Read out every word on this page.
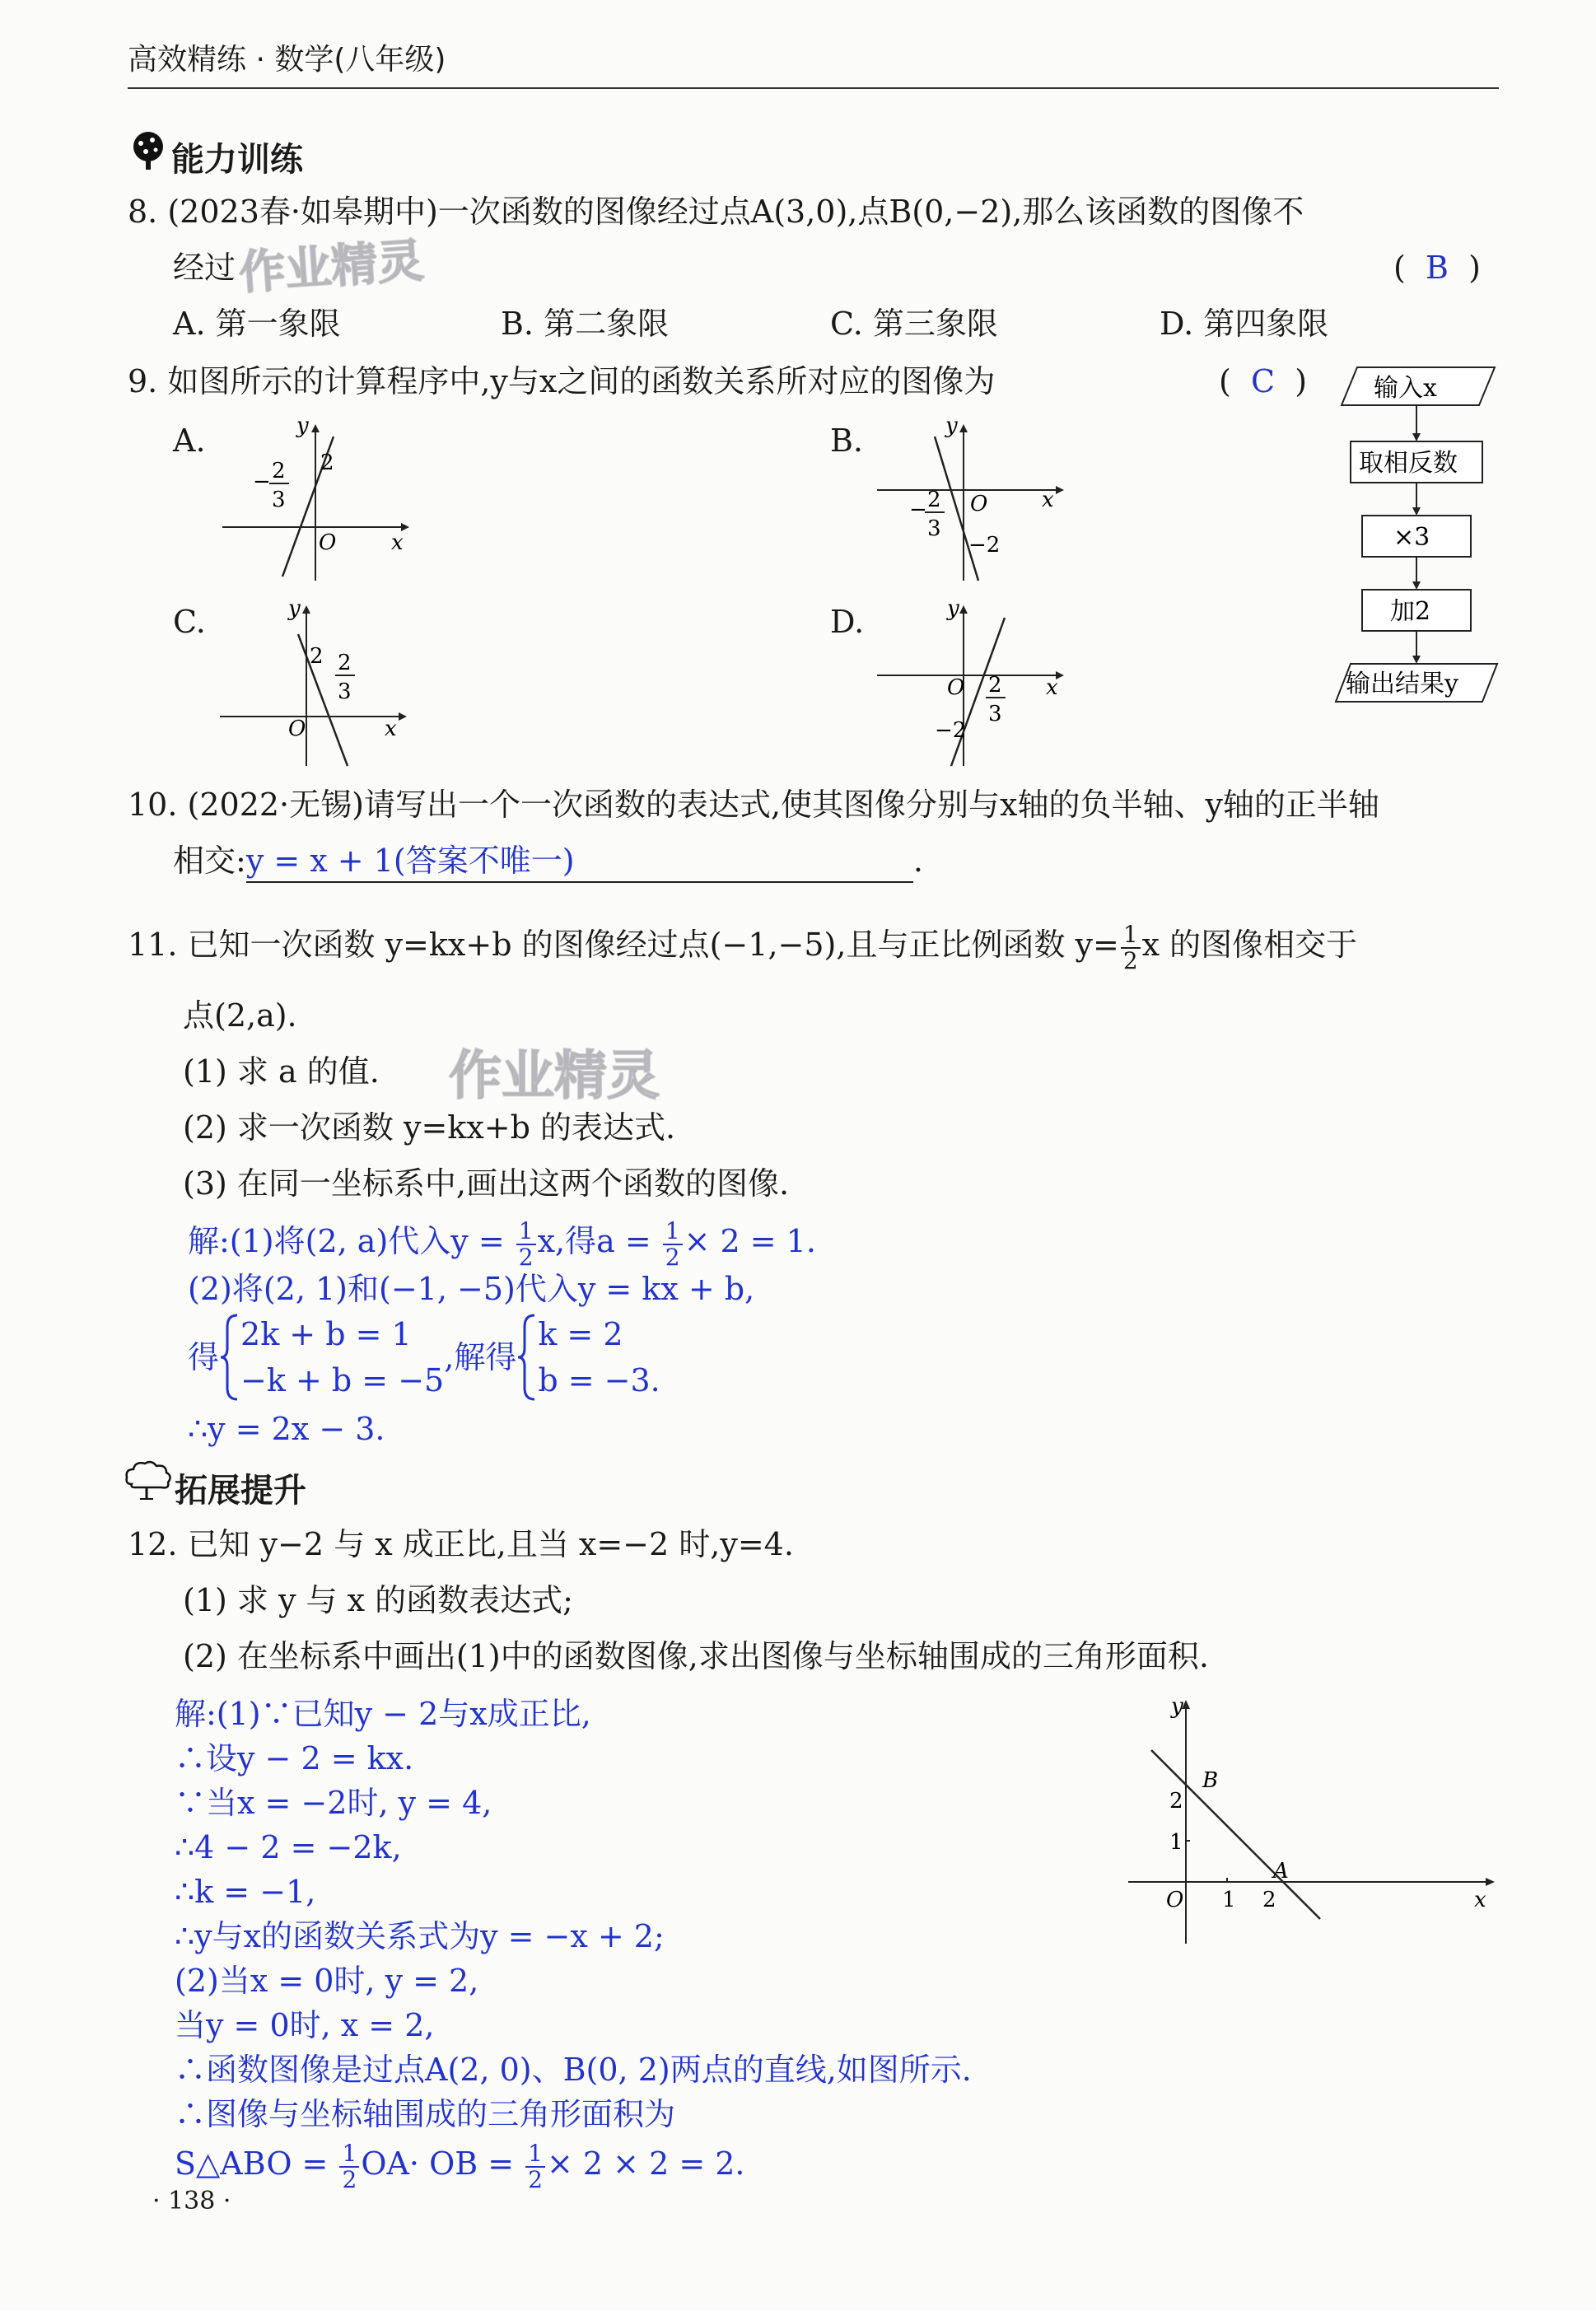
高效精练 · 数学(八年级)
作业精灵
作业精灵
能力训练
8. (2023春·如皋期中)一次函数的图像经过点A(3,0),点B(0,−2),那么该函数的图像不
经过	(  B  )
A. 第一象限	B. 第二象限	C. 第三象限	D. 第四象限
9. 如图所示的计算程序中,y与x之间的函数关系所对应的图像为	(  C  )
A.	B.
C.	D.
y
x
O
2
− 2
3
y
x
O
−2
− 2
3
y
x
O
2 2
3
y
x
O
−2
2
3
输入x
取相反数
×3
加2
输出结果y
10. (2022·无锡)请写出一个一次函数的表达式,使其图像分别与x轴的负半轴、y轴的正半轴
相交:y = x + 1(答案不唯一)	.
11. 已知一次函数 y=kx+b 的图像经过点(−1,−5),且与正比例函数 $y= \frac{1}{2}$ x 的图像相交于
点(2,a).
(1) 求 a 的值.
(2) 求一次函数 y=kx+b 的表达式.
(3) 在同一坐标系中,画出这两个函数的图像.
解:(1)将(2, a)代入$y = \frac{1}{2} x$,得$a = \frac{1}{2} \times 2 = 1$.
(2)将(2, 1)和(−1, −5)代入y = kx + b,
得
2k + b = 1
−k + b = −5
,解得
k = 2
b = −3.
∴y = 2x − 3.
拓展提升
12. 已知 y−2 与 x 成正比,且当 x=−2 时,y=4.
(1) 求 y 与 x 的函数表达式;
(2) 在坐标系中画出(1)中的函数图像,求出图像与坐标轴围成的三角形面积.
解:(1)∵已知y − 2与x成正比,
∴设y − 2 = kx.
∵当x = −2时, y = 4,
∴4 − 2 = −2k,
∴k = −1,
∴y与x的函数关系式为y = −x + 2;
(2)当x = 0时, y = 2,
当y = 0时, x = 2,
∴函数图像是过点A(2, 0)、B(0, 2)两点的直线,如图所示.
∴图像与坐标轴围成的三角形面积为
S△ABO = $\frac{1}{2} OA\cdot$ OB = $\frac{1}{2} \times 2 \times 2 = 2$.
y
x
O
B
A
2
1
1 2
· 138 ·
